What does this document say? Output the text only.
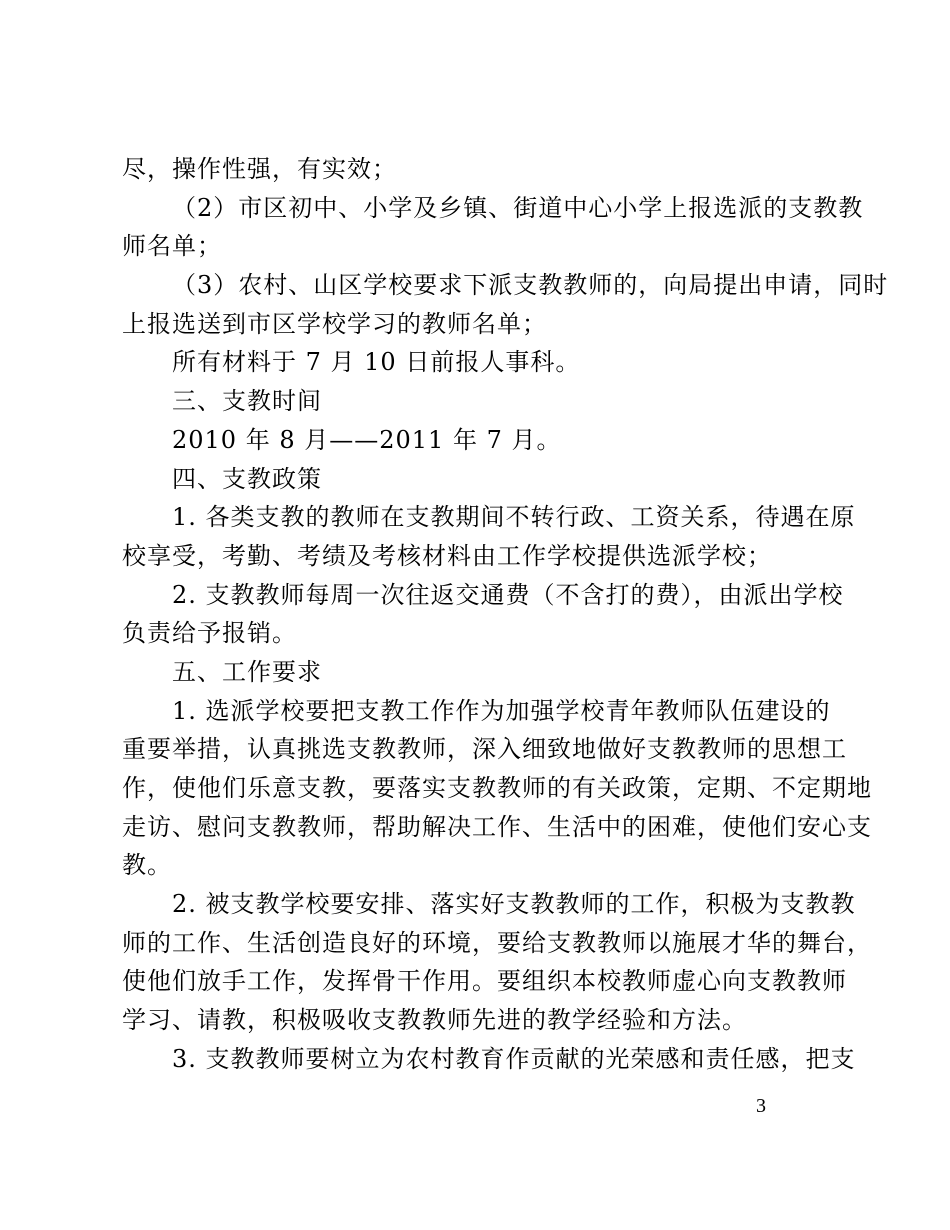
尽，操作性强，有实效；
（2）市区初中、小学及乡镇、街道中心小学上报选派的支教教
师名单；
（3）农村、山区学校要求下派支教教师的，向局提出申请，同时
上报选送到市区学校学习的教师名单；
所有材料于 7 月 10 日前报人事科。
三、支教时间
2010 年 8 月——2011 年 7 月。
四、支教政策
1. 各类支教的教师在支教期间不转行政、工资关系，待遇在原
校享受，考勤、考绩及考核材料由工作学校提供选派学校；
2. 支教教师每周一次往返交通费（不含打的费），由派出学校
负责给予报销。
五、工作要求
1. 选派学校要把支教工作作为加强学校青年教师队伍建设的
重要举措，认真挑选支教教师，深入细致地做好支教教师的思想工
作，使他们乐意支教，要落实支教教师的有关政策，定期、不定期地
走访、慰问支教教师，帮助解决工作、生活中的困难，使他们安心支
教。
2. 被支教学校要安排、落实好支教教师的工作，积极为支教教
师的工作、生活创造良好的环境，要给支教教师以施展才华的舞台，
使他们放手工作，发挥骨干作用。要组织本校教师虚心向支教教师
学习、请教，积极吸收支教教师先进的教学经验和方法。
3. 支教教师要树立为农村教育作贡献的光荣感和责任感，把支
3
